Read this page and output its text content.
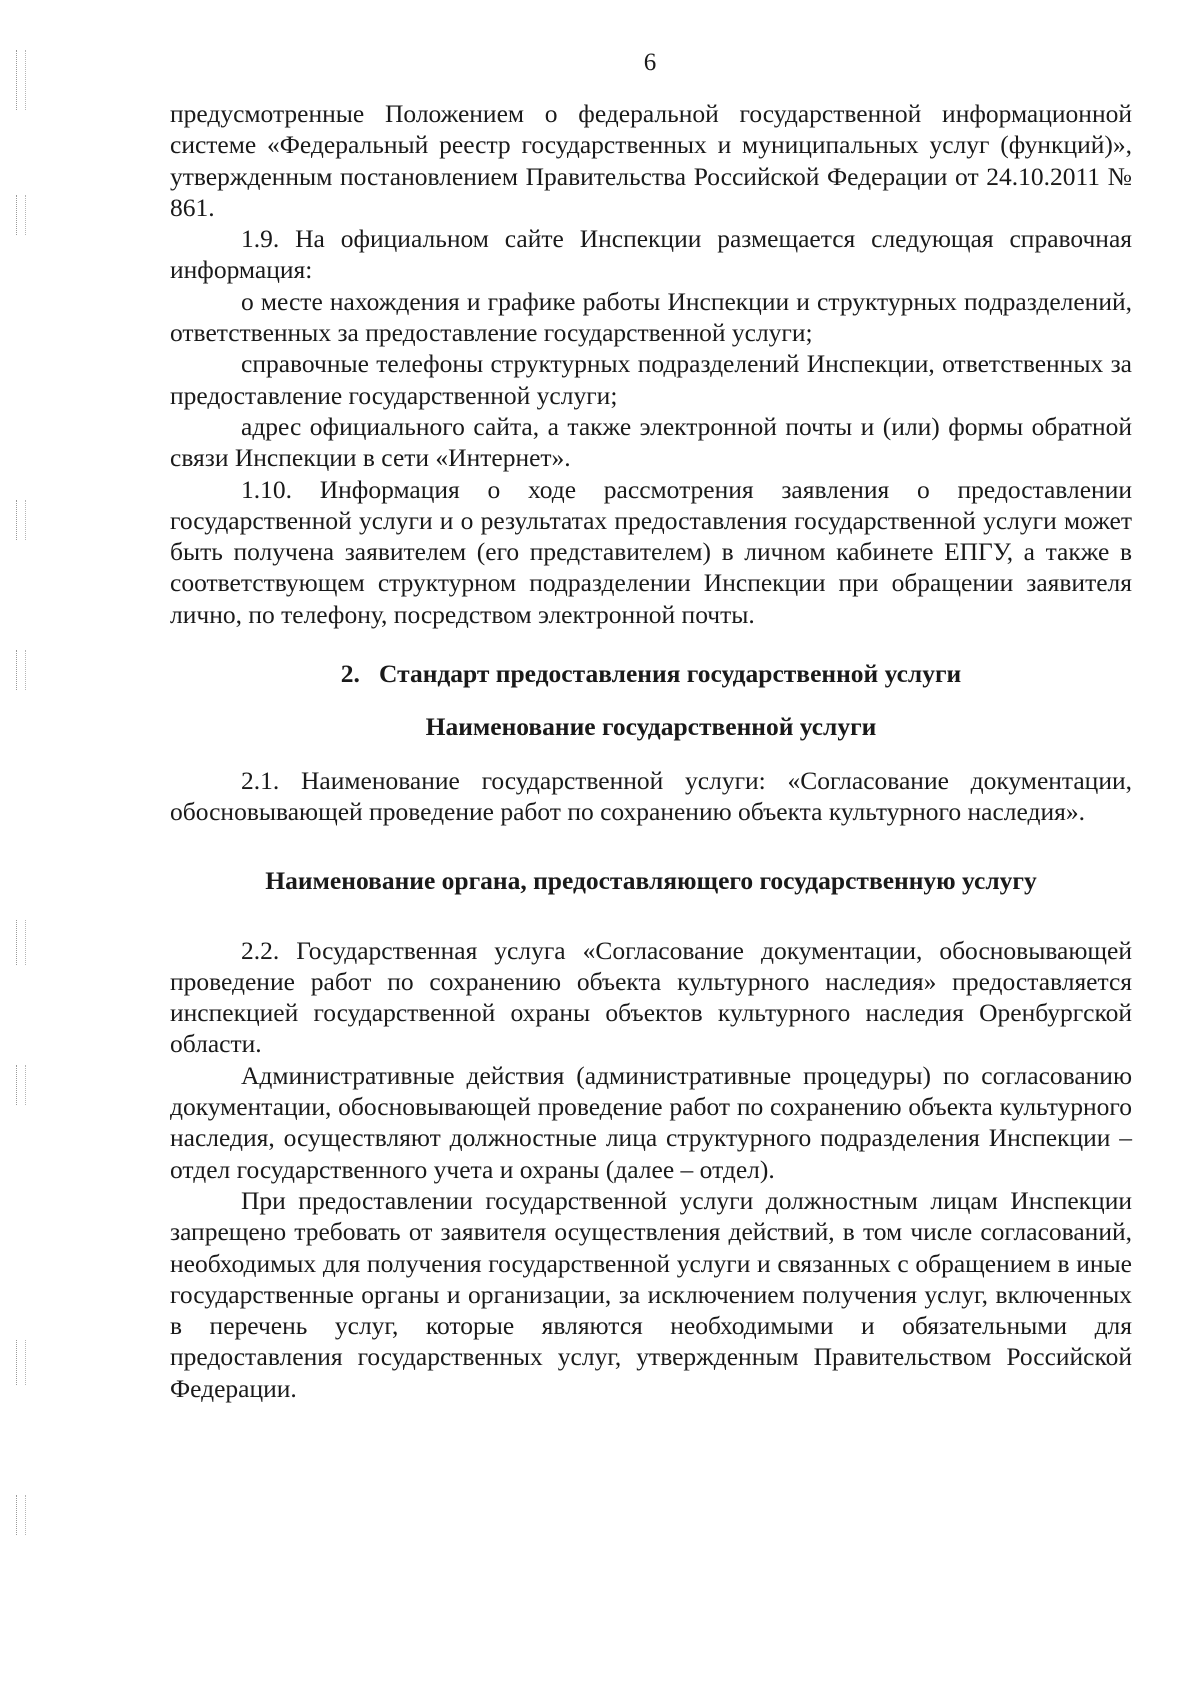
6

предусмотренные Положением о федеральной государственной информационной системе «Федеральный реестр государственных и муниципальных услуг (функций)», утвержденным постановлением Правительства Российской Федерации от 24.10.2011 № 861.

1.9. На официальном сайте Инспекции размещается следующая справочная информация:

о месте нахождения и графике работы Инспекции и структурных подразделений, ответственных за предоставление государственной услуги;

справочные телефоны структурных подразделений Инспекции, ответственных за предоставление государственной услуги;

адрес официального сайта, а также электронной почты и (или) формы обратной связи Инспекции в сети «Интернет».

1.10. Информация о ходе рассмотрения заявления о предоставлении государственной услуги и о результатах предоставления государственной услуги может быть получена заявителем (его представителем) в личном кабинете ЕПГУ, а также в соответствующем структурном подразделении Инспекции при обращении заявителя лично, по телефону, посредством электронной почты.

2.   Стандарт предоставления государственной услуги

Наименование государственной услуги

2.1. Наименование государственной услуги: «Согласование документации, обосновывающей проведение работ по сохранению объекта культурного наследия».

Наименование органа, предоставляющего государственную услугу

2.2. Государственная услуга «Согласование документации, обосновывающей проведение работ по сохранению объекта культурного наследия» предоставляется инспекцией государственной охраны объектов культурного наследия Оренбургской области.

Административные действия (административные процедуры) по согласованию документации, обосновывающей проведение работ по сохранению объекта культурного наследия, осуществляют должностные лица структурного подразделения Инспекции – отдел государственного учета и охраны (далее – отдел).

При предоставлении государственной услуги должностным лицам Инспекции запрещено требовать от заявителя осуществления действий, в том числе согласований, необходимых для получения государственной услуги и связанных с обращением в иные государственные органы и организации, за исключением получения услуг, включенных в перечень услуг, которые являются необходимыми и обязательными для предоставления государственных услуг, утвержденным Правительством Российской Федерации.
